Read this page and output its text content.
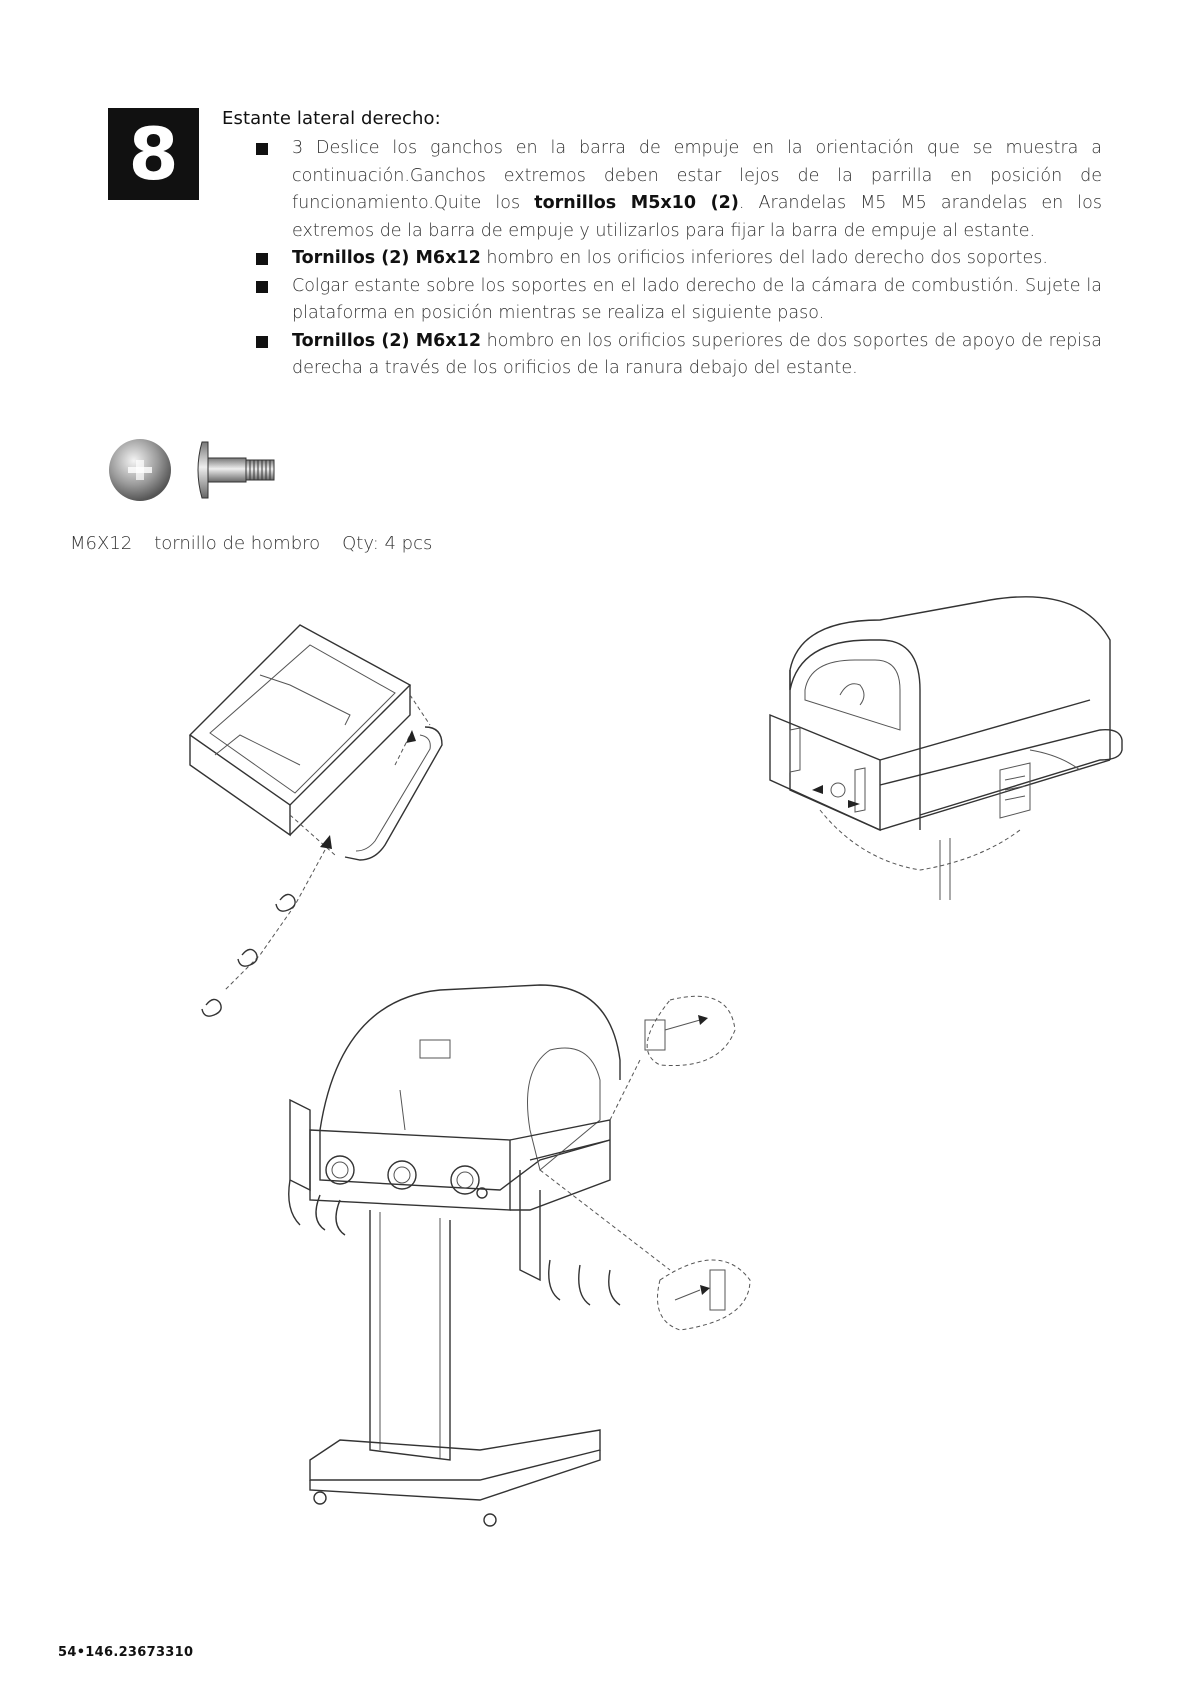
8	Estante lateral derecho:
3 Deslice los ganchos en la barra de empuje en la orientación que se muestra a continuación.Ganchos extremos deben estar lejos de la parrilla en posición de funcionamiento.Quite los tornillos M5x10 (2). Arandelas M5 M5 arandelas en los extremos de la barra de empuje y utilizarlos para fijar la barra de empuje al estante.
Tornillos (2) M6x12 hombro en los orificios inferiores del lado derecho dos soportes.
Colgar estante sobre los soportes en el lado derecho de la cámara de combustión. Sujete la plataforma en posición mientras se realiza el siguiente paso.
Tornillos (2) M6x12 hombro en los orificios superiores de dos soportes de apoyo de repisa derecha a través de los orificios de la ranura debajo del estante.
M6X12 tornillo de hombro Qty: 4 pcs
54•146.23673310
